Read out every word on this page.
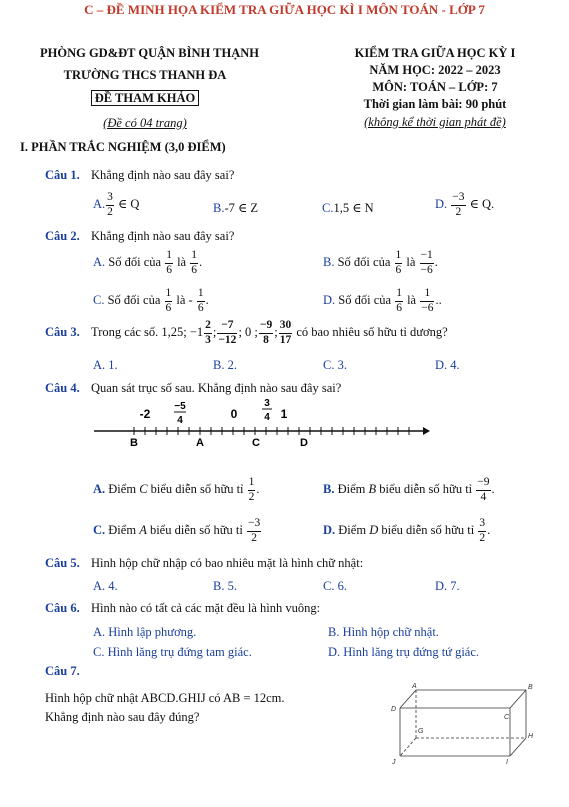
C – ĐỀ MINH HỌA KIỂM TRA GIỮA HỌC KÌ I MÔN TOÁN - LỚP 7
PHÒNG GD&ĐT QUẬN BÌNH THẠNH
TRƯỜNG THCS THANH ĐA
ĐỀ THAM KHẢO
(Đề có 04 trang)
KIỂM TRA GIỮA HỌC KỲ I
NĂM HỌC: 2022 – 2023
MÔN: TOÁN – LỚP: 7
Thời gian làm bài: 90 phút
(không kể thời gian phát đề)
I. PHẦN TRẮC NGHIỆM (3,0 ĐIỂM)
Câu 1. Khẳng định nào sau đây sai?
A. $\frac{3}{2}$ ∈ Q	B.-7 ∈ Z	C.1,5 ∈ N	D. $\frac{-3}{2}$ ∈ Q.
Câu 2. Khẳng định nào sau đây sai?
A. Số đối của $\frac{1}{6}$ là $\frac{1}{6}$ .	B. Số đối của $\frac{1}{6}$ là $\frac{-1}{-6}$ .
C. Số đối của $\frac{1}{6}$ là - $\frac{1}{6}$ .	D. Số đối của $\frac{1}{6}$ là $\frac{1}{-6}$ ..
Câu 3. Trong các số. 1,25; $-1 \frac{2}{3}$ ; $\frac{-7}{-12}$ ; 0 ; $\frac{-9}{8}$ ; $\frac{30}{17}$ có bao nhiêu số hữu tỉ dương?
A. 1.	B. 2.	C. 3.	D. 4.
Câu 4. Quan sát trục số sau. Khẳng định nào sau đây sai?
-2
−5
4	0
3
4 1
B	A	C	D
A. Điểm C biểu diễn số hữu tỉ $\frac{1}{2}$ .	B. Điểm B biểu diễn số hữu tỉ $\frac{-9}{4}$ .
C. Điểm A biểu diễn số hữu tỉ $\frac{-3}{2}$	D. Điểm D biểu diễn số hữu tỉ $\frac{3}{2}$ .
Câu 5. Hình hộp chữ nhập có bao nhiêu mặt là hình chữ nhật:
A. 4.	B. 5.	C. 6.	D. 7.
Câu 6. Hình nào có tất cả các mặt đều là hình vuông:
A. Hình lập phương.	B. Hình hộp chữ nhật.
C. Hình lăng trụ đứng tam giác.	D. Hình lăng trụ đứng tứ giác.
Câu 7.
Hình hộp chữ nhật ABCD.GHIJ có AB = 12cm.
Khẳng định nào sau đây đúng?
A	B
D
C
G
H
J	I
